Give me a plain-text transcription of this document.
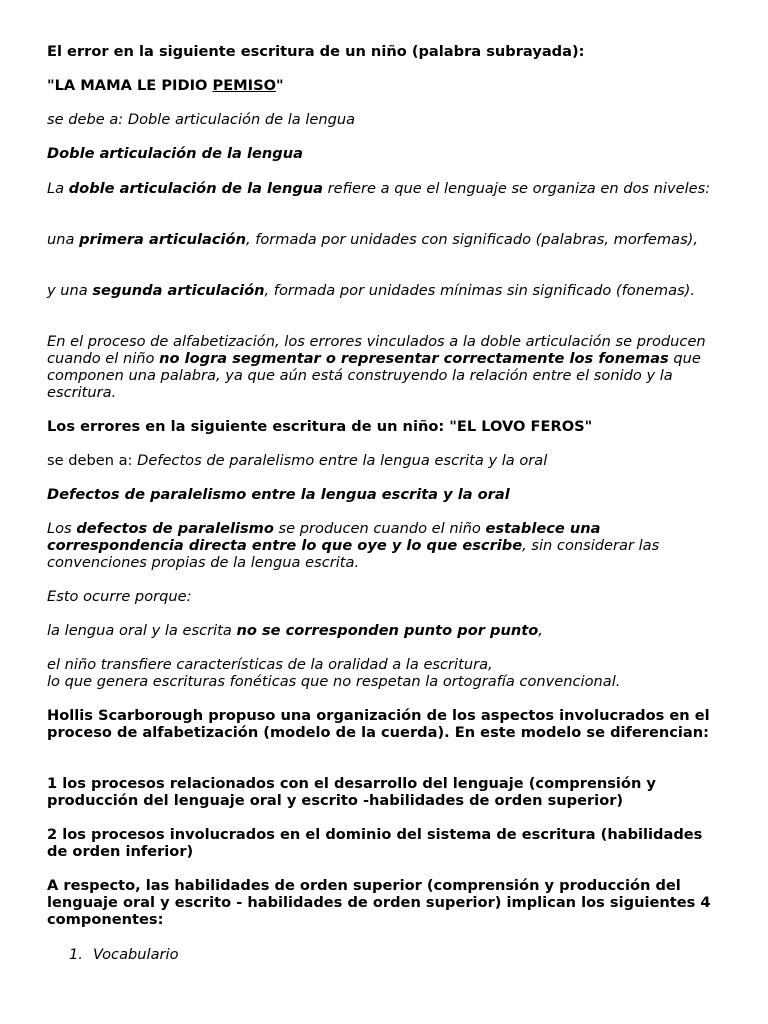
El error en la siguiente escritura de un niño (palabra subrayada):

"LA MAMA LE PIDIO PEMISO"

se debe a: Doble articulación de la lengua

Doble articulación de la lengua

La doble articulación de la lengua refiere a que el lenguaje se organiza en dos niveles:

una primera articulación, formada por unidades con significado (palabras, morfemas),

y una segunda articulación, formada por unidades mínimas sin significado (fonemas).

En el proceso de alfabetización, los errores vinculados a la doble articulación se producen cuando el niño no logra segmentar o representar correctamente los fonemas que componen una palabra, ya que aún está construyendo la relación entre el sonido y la escritura.

Los errores en la siguiente escritura de un niño: "EL LOVO FEROS"

se deben a: Defectos de paralelismo entre la lengua escrita y la oral

Defectos de paralelismo entre la lengua escrita y la oral

Los defectos de paralelismo se producen cuando el niño establece una correspondencia directa entre lo que oye y lo que escribe, sin considerar las convenciones propias de la lengua escrita.

Esto ocurre porque:

la lengua oral y la escrita no se corresponden punto por punto,

el niño transfiere características de la oralidad a la escritura,
lo que genera escrituras fonéticas que no respetan la ortografía convencional.

Hollis Scarborough propuso una organización de los aspectos involucrados en el proceso de alfabetización (modelo de la cuerda). En este modelo se diferencian:

1 los procesos relacionados con el desarrollo del lenguaje (comprensión y producción del lenguaje oral y escrito -habilidades de orden superior)

2 los procesos involucrados en el dominio del sistema de escritura (habilidades de orden inferior)

A respecto, las habilidades de orden superior (comprensión y producción del lenguaje oral y escrito - habilidades de orden superior) implican los siguientes 4 componentes:

1. Vocabulario
